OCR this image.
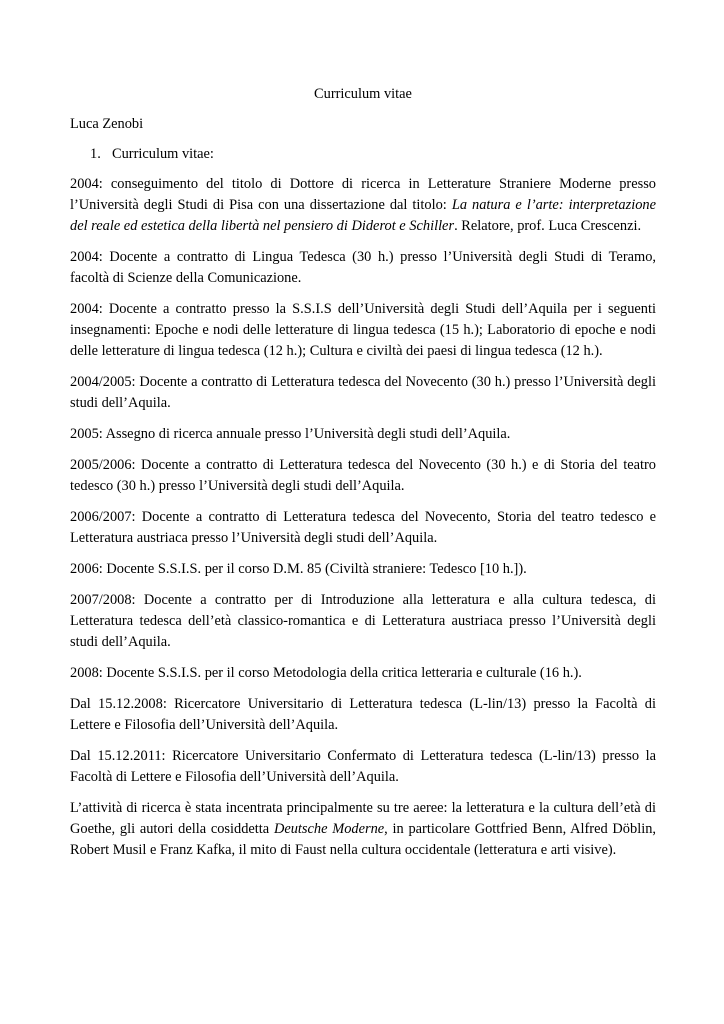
Curriculum vitae

Luca Zenobi

1. Curriculum vitae:

2004: conseguimento del titolo di Dottore di ricerca in Letterature Straniere Moderne presso l’Università degli Studi di Pisa con una dissertazione dal titolo: La natura e l’arte: interpretazione del reale ed estetica della libertà nel pensiero di Diderot e Schiller. Relatore, prof. Luca Crescenzi.

2004: Docente a contratto di Lingua Tedesca (30 h.) presso l’Università degli Studi di Teramo, facoltà di Scienze della Comunicazione.

2004: Docente a contratto presso la S.S.I.S dell’Università degli Studi dell’Aquila per i seguenti insegnamenti: Epoche e nodi delle letterature di lingua tedesca (15 h.); Laboratorio di epoche e nodi delle letterature di lingua tedesca (12 h.); Cultura e civiltà dei paesi di lingua tedesca (12 h.).

2004/2005: Docente a contratto di Letteratura tedesca del Novecento (30 h.) presso l’Università degli studi dell’Aquila.

2005: Assegno di ricerca annuale presso l’Università degli studi dell’Aquila.

2005/2006: Docente a contratto di Letteratura tedesca del Novecento (30 h.) e di Storia del teatro tedesco (30 h.) presso l’Università degli studi dell’Aquila.

2006/2007: Docente a contratto di Letteratura tedesca del Novecento, Storia del teatro tedesco e Letteratura austriaca presso l’Università degli studi dell’Aquila.

2006: Docente S.S.I.S. per il corso D.M. 85 (Civiltà straniere: Tedesco [10 h.]).

2007/2008: Docente a contratto per di Introduzione alla letteratura e alla cultura tedesca, di Letteratura tedesca dell’età classico-romantica e di Letteratura austriaca presso l’Università degli studi dell’Aquila.

2008: Docente S.S.I.S. per il corso Metodologia della critica letteraria e culturale (16 h.).

Dal 15.12.2008: Ricercatore Universitario di Letteratura tedesca (L-lin/13) presso la Facoltà di Lettere e Filosofia dell’Università dell’Aquila.

Dal 15.12.2011: Ricercatore Universitario Confermato di Letteratura tedesca (L-lin/13) presso la Facoltà di Lettere e Filosofia dell’Università dell’Aquila.

L’attività di ricerca è stata incentrata principalmente su tre aeree: la letteratura e la cultura dell’età di Goethe, gli autori della cosiddetta Deutsche Moderne, in particolare Gottfried Benn, Alfred Döblin, Robert Musil e Franz Kafka, il mito di Faust nella cultura occidentale (letteratura e arti visive).
